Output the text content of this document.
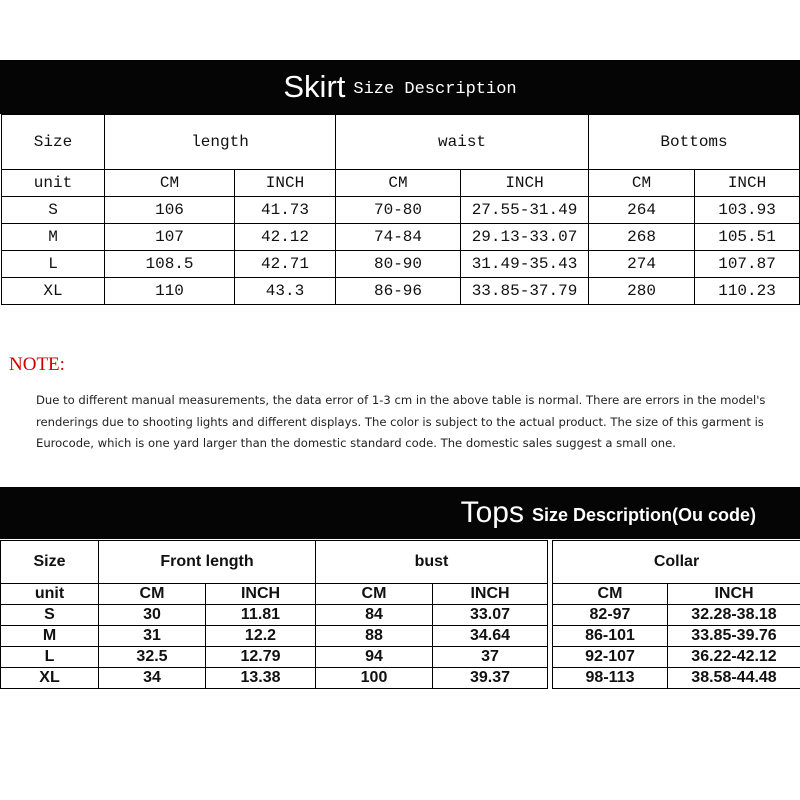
Skirt Size Description
Size	length		waist		Bottoms	
unit	CM	INCH	CM	INCH	CM	INCH
S	106	41.73	70-80	27.55-31.49	264	103.93
M	107	42.12	74-84	29.13-33.07	268	105.51
L	108.5	42.71	80-90	31.49-35.43	274	107.87
XL	110	43.3	86-96	33.85-37.79	280	110.23
NOTE:
Due to different manual measurements, the data error of 1-3 cm in the above table is normal. There are errors in the model's renderings due to shooting lights and different displays. The color is subject to the actual product. The size of this garment is Eurocode, which is one yard larger than the domestic standard code. The domestic sales suggest a small one.
Tops Size Description(Ou code)
Size	Front length		bust			Collar	
unit	CM	INCH	CM	INCH		CM	INCH
S	30	11.81	84	33.07		82-97	32.28-38.18
M	31	12.2	88	34.64		86-101	33.85-39.76
L	32.5	12.79	94	37		92-107	36.22-42.12
XL	34	13.38	100	39.37		98-113	38.58-44.48
